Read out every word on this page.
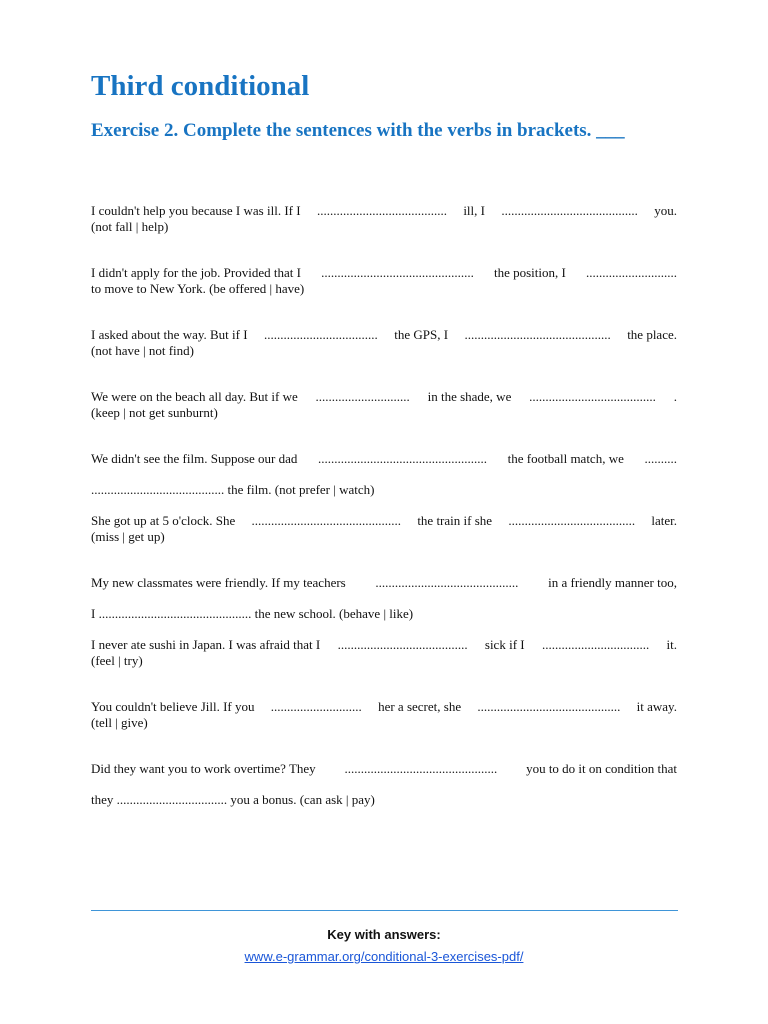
Third conditional
Exercise 2. Complete the sentences with the verbs in brackets. ___
I couldn't help you because I was ill. If I ........................................ ill, I .......................................... you.
(not fall | help)
I didn't apply for the job. Provided that I ............................................... the position, I ............................
to move to New York. (be offered | have)
I asked about the way. But if I ................................... the GPS, I ............................................. the place.
(not have | not find)
We were on the beach all day. But if we ............................. in the shade, we ....................................... .
(keep | not get sunburnt)
We didn't see the film. Suppose our dad .................................................... the football match, we ..........
......................................... the film. (not prefer | watch)
She got up at 5 o'clock. She .............................................. the train if she ....................................... later.
(miss | get up)
My new classmates were friendly. If my teachers ............................................ in a friendly manner too,
I ............................................... the new school. (behave | like)
I never ate sushi in Japan. I was afraid that I ........................................ sick if I ................................. it.
(feel | try)
You couldn't believe Jill. If you ............................ her a secret, she ............................................ it away.
(tell | give)
Did they want you to work overtime? They ............................................... you to do it on condition that
they .................................. you a bonus. (can ask | pay)
Key with answers:
www.e-grammar.org/conditional-3-exercises-pdf/
